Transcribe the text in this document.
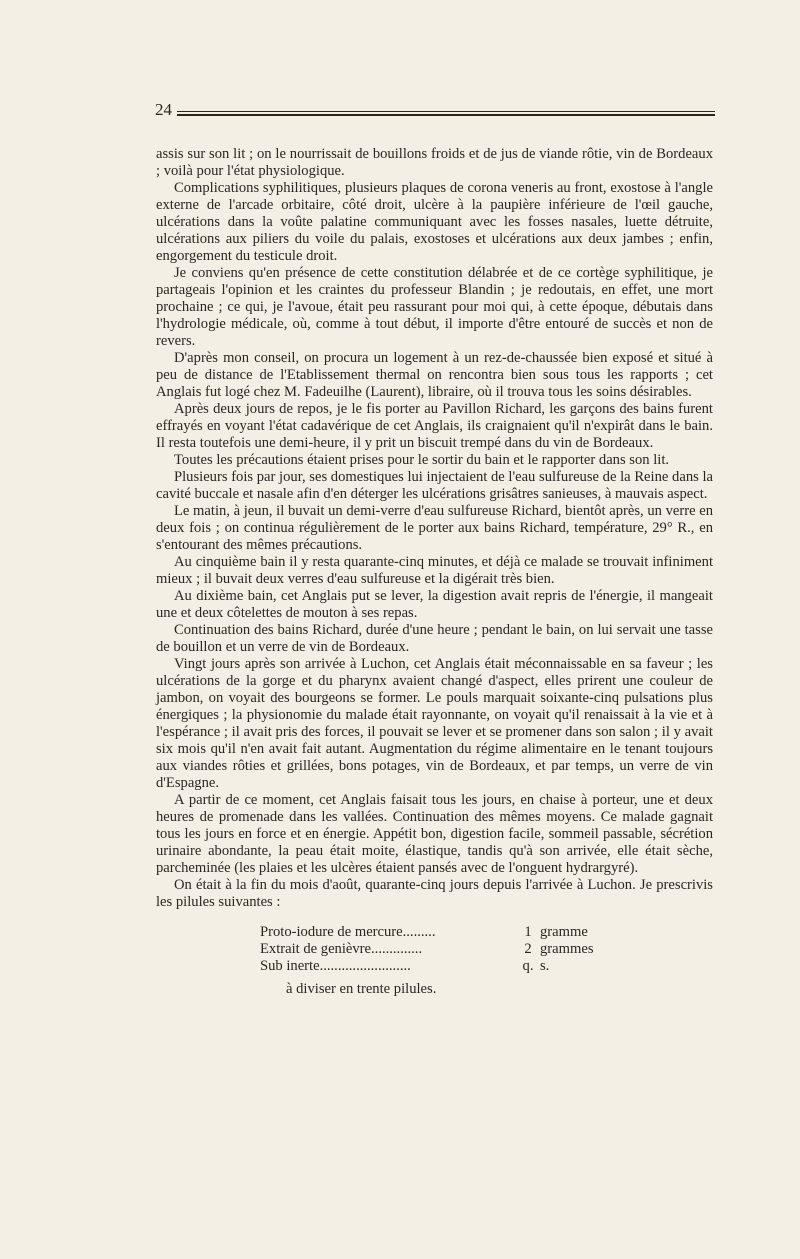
24

assis sur son lit ; on le nourrissait de bouillons froids et de jus de viande rôtie, vin de Bordeaux ; voilà pour l'état physiologique.

Complications syphilitiques, plusieurs plaques de corona veneris au front, exostose à l'angle externe de l'arcade orbitaire, côté droit, ulcère à la paupière inférieure de l'œil gauche, ulcérations dans la voûte palatine communiquant avec les fosses nasales, luette détruite, ulcérations aux piliers du voile du palais, exostoses et ulcérations aux deux jambes ; enfin, engorgement du testicule droit.

Je conviens qu'en présence de cette constitution délabrée et de ce cortège syphilitique, je partageais l'opinion et les craintes du professeur Blandin ; je redoutais, en effet, une mort prochaine ; ce qui, je l'avoue, était peu rassurant pour moi qui, à cette époque, débutais dans l'hydrologie médicale, où, comme à tout début, il importe d'être entouré de succès et non de revers.

D'après mon conseil, on procura un logement à un rez-de-chaussée bien exposé et situé à peu de distance de l'Etablissement thermal on rencontra bien sous tous les rapports ; cet Anglais fut logé chez M. Fadeuilhe (Laurent), libraire, où il trouva tous les soins désirables.

Après deux jours de repos, je le fis porter au Pavillon Richard, les garçons des bains furent effrayés en voyant l'état cadavérique de cet Anglais, ils craignaient qu'il n'expirât dans le bain. Il resta toutefois une demi-heure, il y prit un biscuit trempé dans du vin de Bordeaux.

Toutes les précautions étaient prises pour le sortir du bain et le rapporter dans son lit.

Plusieurs fois par jour, ses domestiques lui injectaient de l'eau sulfureuse de la Reine dans la cavité buccale et nasale afin d'en déterger les ulcérations grisâtres sanieuses, à mauvais aspect.

Le matin, à jeun, il buvait un demi-verre d'eau sulfureuse Richard, bientôt après, un verre en deux fois ; on continua régulièrement de le porter aux bains Richard, température, 29° R., en s'entourant des mêmes précautions.

Au cinquième bain il y resta quarante-cinq minutes, et déjà ce malade se trouvait infiniment mieux ; il buvait deux verres d'eau sulfureuse et la digérait très bien.

Au dixième bain, cet Anglais put se lever, la digestion avait repris de l'énergie, il mangeait une et deux côtelettes de mouton à ses repas.

Continuation des bains Richard, durée d'une heure ; pendant le bain, on lui servait une tasse de bouillon et un verre de vin de Bordeaux.

Vingt jours après son arrivée à Luchon, cet Anglais était méconnaissable en sa faveur ; les ulcérations de la gorge et du pharynx avaient changé d'aspect, elles prirent une couleur de jambon, on voyait des bourgeons se former. Le pouls marquait soixante-cinq pulsations plus énergiques ; la physionomie du malade était rayonnante, on voyait qu'il renaissait à la vie et à l'espérance ; il avait pris des forces, il pouvait se lever et se promener dans son salon ; il y avait six mois qu'il n'en avait fait autant. Augmentation du régime alimentaire en le tenant toujours aux viandes rôties et grillées, bons potages, vin de Bordeaux, et par temps, un verre de vin d'Espagne.

A partir de ce moment, cet Anglais faisait tous les jours, en chaise à porteur, une et deux heures de promenade dans les vallées. Continuation des mêmes moyens. Ce malade gagnait tous les jours en force et en énergie. Appétit bon, digestion facile, sommeil passable, sécrétion urinaire abondante, la peau était moite, élastique, tandis qu'à son arrivée, elle était sèche, parcheminée (les plaies et les ulcères étaient pansés avec de l'onguent hydrargyré).

On était à la fin du mois d'août, quarante-cinq jours depuis l'arrivée à Luchon. Je prescrivis les pilules suivantes :

Proto-iodure de mercure.........	1 gramme
Extrait de genièvre..............	2 grammes
Sub inerte.........................	q. s.
à diviser en trente pilules.
